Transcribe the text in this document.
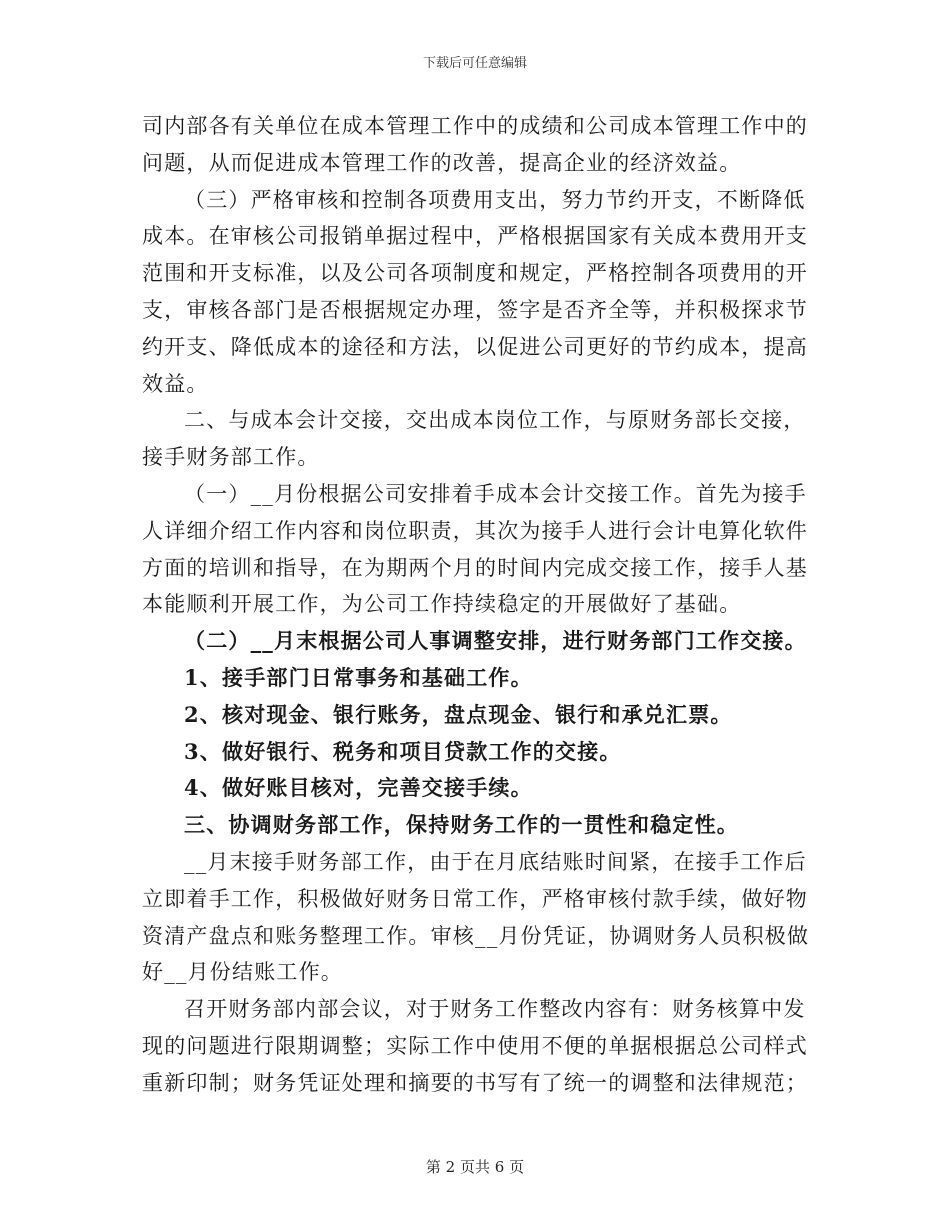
下载后可任意编辑
司内部各有关单位在成本管理工作中的成绩和公司成本管理工作中的
问题，从而促进成本管理工作的改善，提高企业的经济效益。
（三）严格审核和控制各项费用支出，努力节约开支，不断降低
成本。在审核公司报销单据过程中，严格根据国家有关成本费用开支
范围和开支标准，以及公司各项制度和规定，严格控制各项费用的开
支，审核各部门是否根据规定办理，签字是否齐全等，并积极探求节
约开支、降低成本的途径和方法，以促进公司更好的节约成本，提高
效益。
二、与成本会计交接，交出成本岗位工作，与原财务部长交接，
接手财务部工作。
（一）__月份根据公司安排着手成本会计交接工作。首先为接手
人详细介绍工作内容和岗位职责，其次为接手人进行会计电算化软件
方面的培训和指导，在为期两个月的时间内完成交接工作，接手人基
本能顺利开展工作，为公司工作持续稳定的开展做好了基础。
（二）__月末根据公司人事调整安排，进行财务部门工作交接。
1、接手部门日常事务和基础工作。
2、核对现金、银行账务，盘点现金、银行和承兑汇票。
3、做好银行、税务和项目贷款工作的交接。
4、做好账目核对，完善交接手续。
三、协调财务部工作，保持财务工作的一贯性和稳定性。
__月末接手财务部工作，由于在月底结账时间紧，在接手工作后
立即着手工作，积极做好财务日常工作，严格审核付款手续，做好物
资清产盘点和账务整理工作。审核__月份凭证，协调财务人员积极做
好__月份结账工作。
召开财务部内部会议，对于财务工作整改内容有：财务核算中发
现的问题进行限期调整；实际工作中使用不便的单据根据总公司样式
重新印制；财务凭证处理和摘要的书写有了统一的调整和法律规范；
第 2 页共 6 页
